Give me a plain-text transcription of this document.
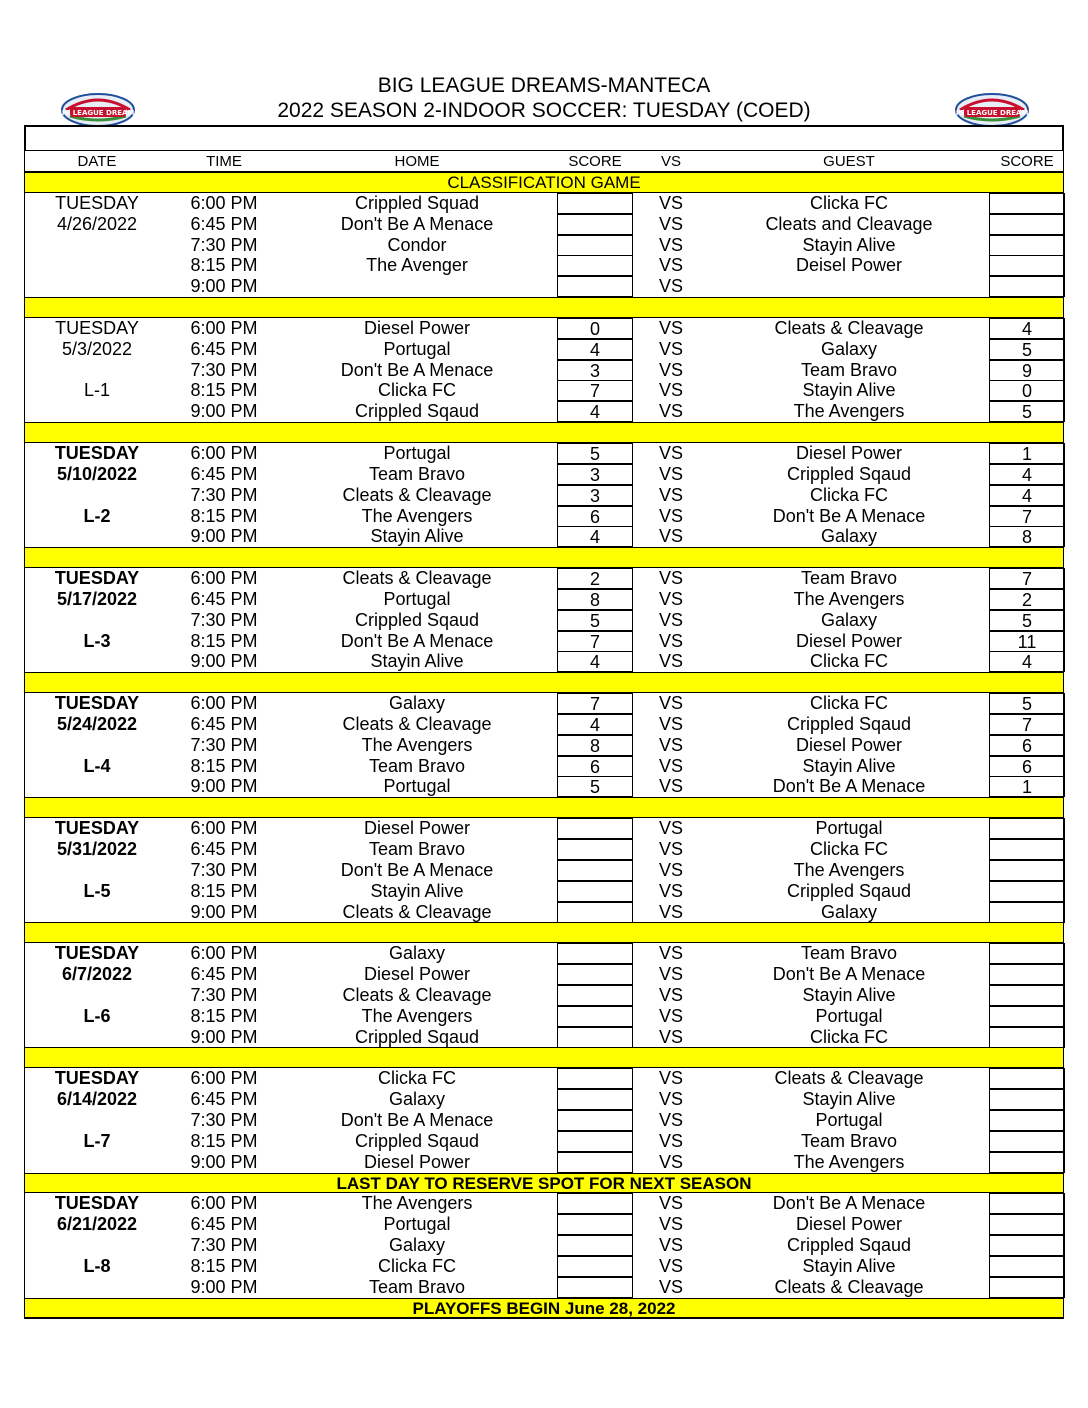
BIG LEAGUE DREAMS-MANTECA
2022 SEASON 2-INDOOR SOCCER: TUESDAY (COED)
BIG LEAGUE DREAMS	BIG LEAGUE DREAMS
DATE	TIME	HOME	SCORE	VS	GUEST	SCORE
CLASSIFICATION GAME
TUESDAY	6:00 PM	Crippled Squad	VS	Clicka FC
4/26/2022	6:45 PM	Don't Be A Menace	VS	Cleats and Cleavage
7:30 PM	Condor	VS	Stayin Alive
8:15 PM	The Avenger	VS	Deisel Power
9:00 PM	VS
TUESDAY	6:00 PM	Diesel Power	0	VS	Cleats & Cleavage	4
5/3/2022	6:45 PM	Portugal	4	VS	Galaxy	5
7:30 PM	Don't Be A Menace	3	VS	Team Bravo	9
L-1	8:15 PM	Clicka FC	7	VS	Stayin Alive	0
9:00 PM	Crippled Sqaud	4	VS	The Avengers	5
TUESDAY	6:00 PM	Portugal	5	VS	Diesel Power	1
5/10/2022	6:45 PM	Team Bravo	3	VS	Crippled Sqaud	4
7:30 PM	Cleats & Cleavage	3	VS	Clicka FC	4
L-2	8:15 PM	The Avengers	6	VS	Don't Be A Menace	7
9:00 PM	Stayin Alive	4	VS	Galaxy	8
TUESDAY	6:00 PM	Cleats & Cleavage	2	VS	Team Bravo	7
5/17/2022	6:45 PM	Portugal	8	VS	The Avengers	2
7:30 PM	Crippled Sqaud	5	VS	Galaxy	5
L-3	8:15 PM	Don't Be A Menace	7	VS	Diesel Power	11
9:00 PM	Stayin Alive	4	VS	Clicka FC	4
TUESDAY	6:00 PM	Galaxy	7	VS	Clicka FC	5
5/24/2022	6:45 PM	Cleats & Cleavage	4	VS	Crippled Sqaud	7
7:30 PM	The Avengers	8	VS	Diesel Power	6
L-4	8:15 PM	Team Bravo	6	VS	Stayin Alive	6
9:00 PM	Portugal	5	VS	Don't Be A Menace	1
TUESDAY	6:00 PM	Diesel Power	VS	Portugal
5/31/2022	6:45 PM	Team Bravo	VS	Clicka FC
7:30 PM	Don't Be A Menace	VS	The Avengers
L-5	8:15 PM	Stayin Alive	VS	Crippled Sqaud
9:00 PM	Cleats & Cleavage	VS	Galaxy
TUESDAY	6:00 PM	Galaxy	VS	Team Bravo
6/7/2022	6:45 PM	Diesel Power	VS	Don't Be A Menace
7:30 PM	Cleats & Cleavage	VS	Stayin Alive
L-6	8:15 PM	The Avengers	VS	Portugal
9:00 PM	Crippled Sqaud	VS	Clicka FC
TUESDAY	6:00 PM	Clicka FC	VS	Cleats & Cleavage
6/14/2022	6:45 PM	Galaxy	VS	Stayin Alive
7:30 PM	Don't Be A Menace	VS	Portugal
L-7	8:15 PM	Crippled Sqaud	VS	Team Bravo
9:00 PM	Diesel Power	VS	The Avengers
LAST DAY TO RESERVE SPOT FOR NEXT SEASON
TUESDAY	6:00 PM	The Avengers	VS	Don't Be A Menace
6/21/2022	6:45 PM	Portugal	VS	Diesel Power
7:30 PM	Galaxy	VS	Crippled Sqaud
L-8	8:15 PM	Clicka FC	VS	Stayin Alive
9:00 PM	Team Bravo	VS	Cleats & Cleavage
PLAYOFFS BEGIN June 28, 2022
